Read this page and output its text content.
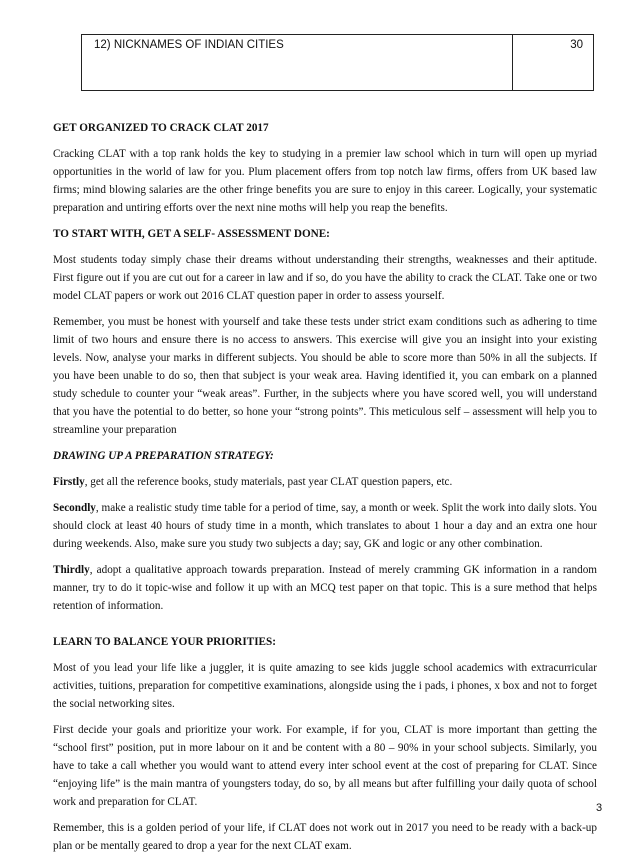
12) NICKNAMES OF INDIAN CITIES	30

GET ORGANIZED TO CRACK CLAT 2017

Cracking CLAT with a top rank holds the key to studying in a premier law school which in turn will open up myriad opportunities in the world of law for you. Plum placement offers from top notch law firms, offers from UK based law firms; mind blowing salaries are the other fringe benefits you are sure to enjoy in this career. Logically, your systematic preparation and untiring efforts over the next nine moths will help you reap the benefits.

TO START WITH, GET A SELF- ASSESSMENT DONE:

Most students today simply chase their dreams without understanding their strengths, weaknesses and their aptitude. First figure out if you are cut out for a career in law and if so, do you have the ability to crack the CLAT. Take one or two model CLAT papers or work out 2016 CLAT question paper in order to assess yourself.

Remember, you must be honest with yourself and take these tests under strict exam conditions such as adhering to time limit of two hours and ensure there is no access to answers. This exercise will give you an insight into your existing levels. Now, analyse your marks in different subjects. You should be able to score more than 50% in all the subjects. If you have been unable to do so, then that subject is your weak area. Having identified it, you can embark on a planned study schedule to counter your “weak areas”. Further, in the subjects where you have scored well, you will understand that you have the potential to do better, so hone your “strong points”. This meticulous self – assessment will help you to streamline your preparation

DRAWING UP A PREPARATION STRATEGY:

Firstly, get all the reference books, study materials, past year CLAT question papers, etc.

Secondly, make a realistic study time table for a period of time, say, a month or week. Split the work into daily slots. You should clock at least 40 hours of study time in a month, which translates to about 1 hour a day and an extra one hour during weekends. Also, make sure you study two subjects a day; say, GK and logic or any other combination.

Thirdly, adopt a qualitative approach towards preparation. Instead of merely cramming GK information in a random manner, try to do it topic-wise and follow it up with an MCQ test paper on that topic. This is a sure method that helps retention of information.

LEARN TO BALANCE YOUR PRIORITIES:

Most of you lead your life like a juggler, it is quite amazing to see kids juggle school academics with extracurricular activities, tuitions, preparation for competitive examinations, alongside using the i pads, i phones, x box and not to forget the social networking sites.

First decide your goals and prioritize your work. For example, if for you, CLAT is more important than getting the “school first” position, put in more labour on it and be content with a 80 – 90% in your school subjects. Similarly, you have to take a call whether you would want to attend every inter school event at the cost of preparing for CLAT. Since “enjoying life” is the main mantra of youngsters today, do so, by all means but after fulfilling your daily quota of school work and preparation for CLAT.

Remember, this is a golden period of your life, if CLAT does not work out in 2017 you need to be ready with a back-up plan or be mentally geared to drop a year for the next CLAT exam.

3
